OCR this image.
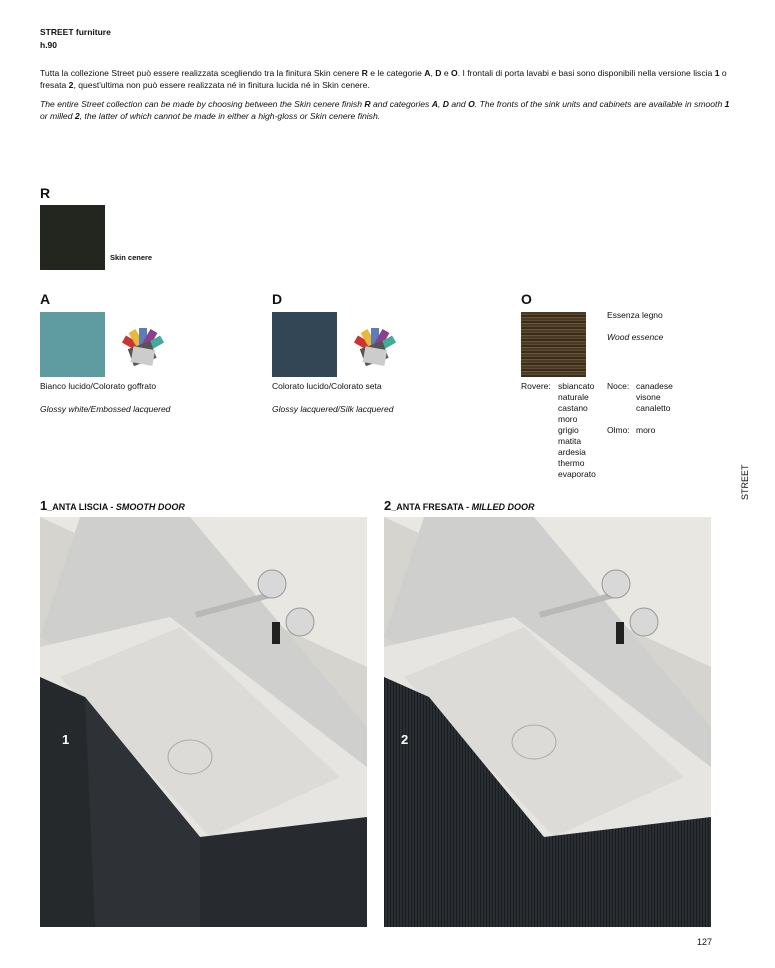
STREET furniture
h.90
Tutta la collezione Street può essere realizzata scegliendo tra la finitura Skin cenere R e le categorie A, D e O. I frontali di porta lavabi e basi sono disponibili nella versione liscia 1 o fresata 2, quest'ultima non può essere realizzata né in finitura lucida né in Skin cenere.
The entire Street collection can be made by choosing between the Skin cenere finish R and categories A, D and O. The fronts of the sink units and cabinets are available in smooth 1 or milled 2, the latter of which cannot be made in either a high-gloss or Skin cenere finish.
R
Skin cenere
A
Bianco lucido/Colorato goffrato
Glossy white/Embossed lacquered
D
Colorato lucido/Colorato seta
Glossy lacquered/Silk lacquered
O
Essenza legno
Wood essence
Rovere: sbiancato
naturale
castano
moro
grigio
matita
ardesia
thermo
evaporato
Noce: canadese
visone
canaletto
Olmo: moro
STREET
1_ANTA LISCIA - SMOOTH DOOR	2_ANTA FRESATA - MILLED DOOR
1	2
127
